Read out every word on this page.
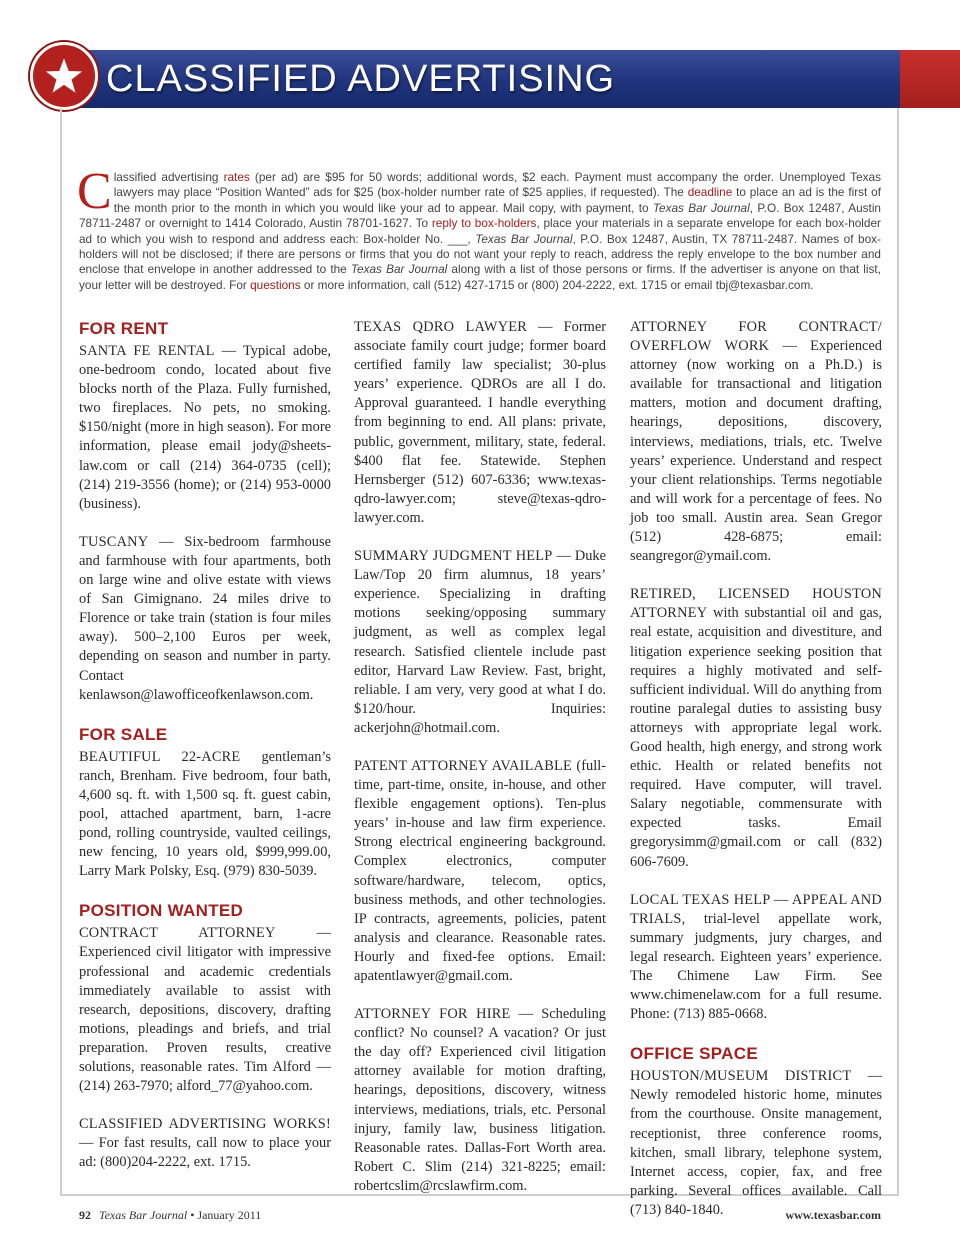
CLASSIFIED ADVERTISING
Classified advertising rates (per ad) are $95 for 50 words; additional words, $2 each. Payment must accompany the order. Unemployed Texas lawyers may place “Position Wanted” ads for $25 (box-holder number rate of $25 applies, if requested). The deadline to place an ad is the first of the month prior to the month in which you would like your ad to appear. Mail copy, with payment, to Texas Bar Journal, P.O. Box 12487, Austin 78711-2487 or overnight to 1414 Colorado, Austin 78701-1627. To reply to box-holders, place your materials in a separate envelope for each box-holder ad to which you wish to respond and address each: Box-holder No. ___, Texas Bar Journal, P.O. Box 12487, Austin, TX 78711-2487. Names of box-holders will not be disclosed; if there are persons or firms that you do not want your reply to reach, address the reply envelope to the box number and enclose that envelope in another addressed to the Texas Bar Journal along with a list of those persons or firms. If the advertiser is anyone on that list, your letter will be destroyed. For questions or more information, call (512) 427-1715 or (800) 204-2222, ext. 1715 or email tbj@texasbar.com.
FOR RENT
SANTA FE RENTAL — Typical adobe, one-bedroom condo, located about five blocks north of the Plaza. Fully furnished, two fireplaces. No pets, no smoking. $150/night (more in high season). For more information, please email jody@sheets-law.com or call (214) 364-0735 (cell); (214) 219-3556 (home); or (214) 953-0000 (business).
TUSCANY — Six-bedroom farmhouse and farmhouse with four apartments, both on large wine and olive estate with views of San Gimignano. 24 miles drive to Florence or take train (station is four miles away). 500–2,100 Euros per week, depending on season and number in party. Contact kenlawson@lawofficeofkenlawson.com.
FOR SALE
BEAUTIFUL 22-ACRE gentleman’s ranch, Brenham. Five bedroom, four bath, 4,600 sq. ft. with 1,500 sq. ft. guest cabin, pool, attached apartment, barn, 1-acre pond, rolling countryside, vaulted ceilings, new fencing, 10 years old, $999,999.00, Larry Mark Polsky, Esq. (979) 830-5039.
POSITION WANTED
CONTRACT ATTORNEY — Experienced civil litigator with impressive professional and academic credentials immediately available to assist with research, depositions, discovery, drafting motions, pleadings and briefs, and trial preparation. Proven results, creative solutions, reasonable rates. Tim Alford — (214) 263-7970; alford_77@yahoo.com.
CLASSIFIED ADVERTISING WORKS! — For fast results, call now to place your ad: (800)204-2222, ext. 1715.
TEXAS QDRO LAWYER — Former associate family court judge; former board certified family law specialist; 30-plus years’ experience. QDROs are all I do. Approval guaranteed. I handle everything from beginning to end. All plans: private, public, government, military, state, federal. $400 flat fee. Statewide. Stephen Hernsberger (512) 607-6336; www.texas-qdro-lawyer.com; steve@texas-qdro-lawyer.com.
SUMMARY JUDGMENT HELP — Duke Law/Top 20 firm alumnus, 18 years’ experience. Specializing in drafting motions seeking/opposing summary judgment, as well as complex legal research. Satisfied clientele include past editor, Harvard Law Review. Fast, bright, reliable. I am very, very good at what I do. $120/hour. Inquiries: ackerjohn@hotmail.com.
PATENT ATTORNEY AVAILABLE (full-time, part-time, onsite, in-house, and other flexible engagement options). Ten-plus years’ in-house and law firm experience. Strong electrical engineering background. Complex electronics, computer software/hardware, telecom, optics, business methods, and other technologies. IP contracts, agreements, policies, patent analysis and clearance. Reasonable rates. Hourly and fixed-fee options. Email: apatentlawyer@gmail.com.
ATTORNEY FOR HIRE — Scheduling conflict? No counsel? A vacation? Or just the day off? Experienced civil litigation attorney available for motion drafting, hearings, depositions, discovery, witness interviews, mediations, trials, etc. Personal injury, family law, business litigation. Reasonable rates. Dallas-Fort Worth area. Robert C. Slim (214) 321-8225; email: robertcslim@rcslawfirm.com.
ATTORNEY FOR CONTRACT/ OVERFLOW WORK — Experienced attorney (now working on a Ph.D.) is available for transactional and litigation matters, motion and document drafting, hearings, depositions, discovery, interviews, mediations, trials, etc. Twelve years’ experience. Understand and respect your client relationships. Terms negotiable and will work for a percentage of fees. No job too small. Austin area. Sean Gregor (512) 428-6875; email: seangregor@ymail.com.
RETIRED, LICENSED HOUSTON ATTORNEY with substantial oil and gas, real estate, acquisition and divestiture, and litigation experience seeking position that requires a highly motivated and self-sufficient individual. Will do anything from routine paralegal duties to assisting busy attorneys with appropriate legal work. Good health, high energy, and strong work ethic. Health or related benefits not required. Have computer, will travel. Salary negotiable, commensurate with expected tasks. Email gregorysimm@gmail.com or call (832) 606-7609.
LOCAL TEXAS HELP — APPEAL AND TRIALS, trial-level appellate work, summary judgments, jury charges, and legal research. Eighteen years’ experience. The Chimene Law Firm. See www.chimenelaw.com for a full resume. Phone: (713) 885-0668.
OFFICE SPACE
HOUSTON/MUSEUM DISTRICT — Newly remodeled historic home, minutes from the courthouse. Onsite management, receptionist, three conference rooms, kitchen, small library, telephone system, Internet access, copier, fax, and free parking. Several offices available. Call (713) 840-1840.
92 Texas Bar Journal • January 2011	www.texasbar.com
